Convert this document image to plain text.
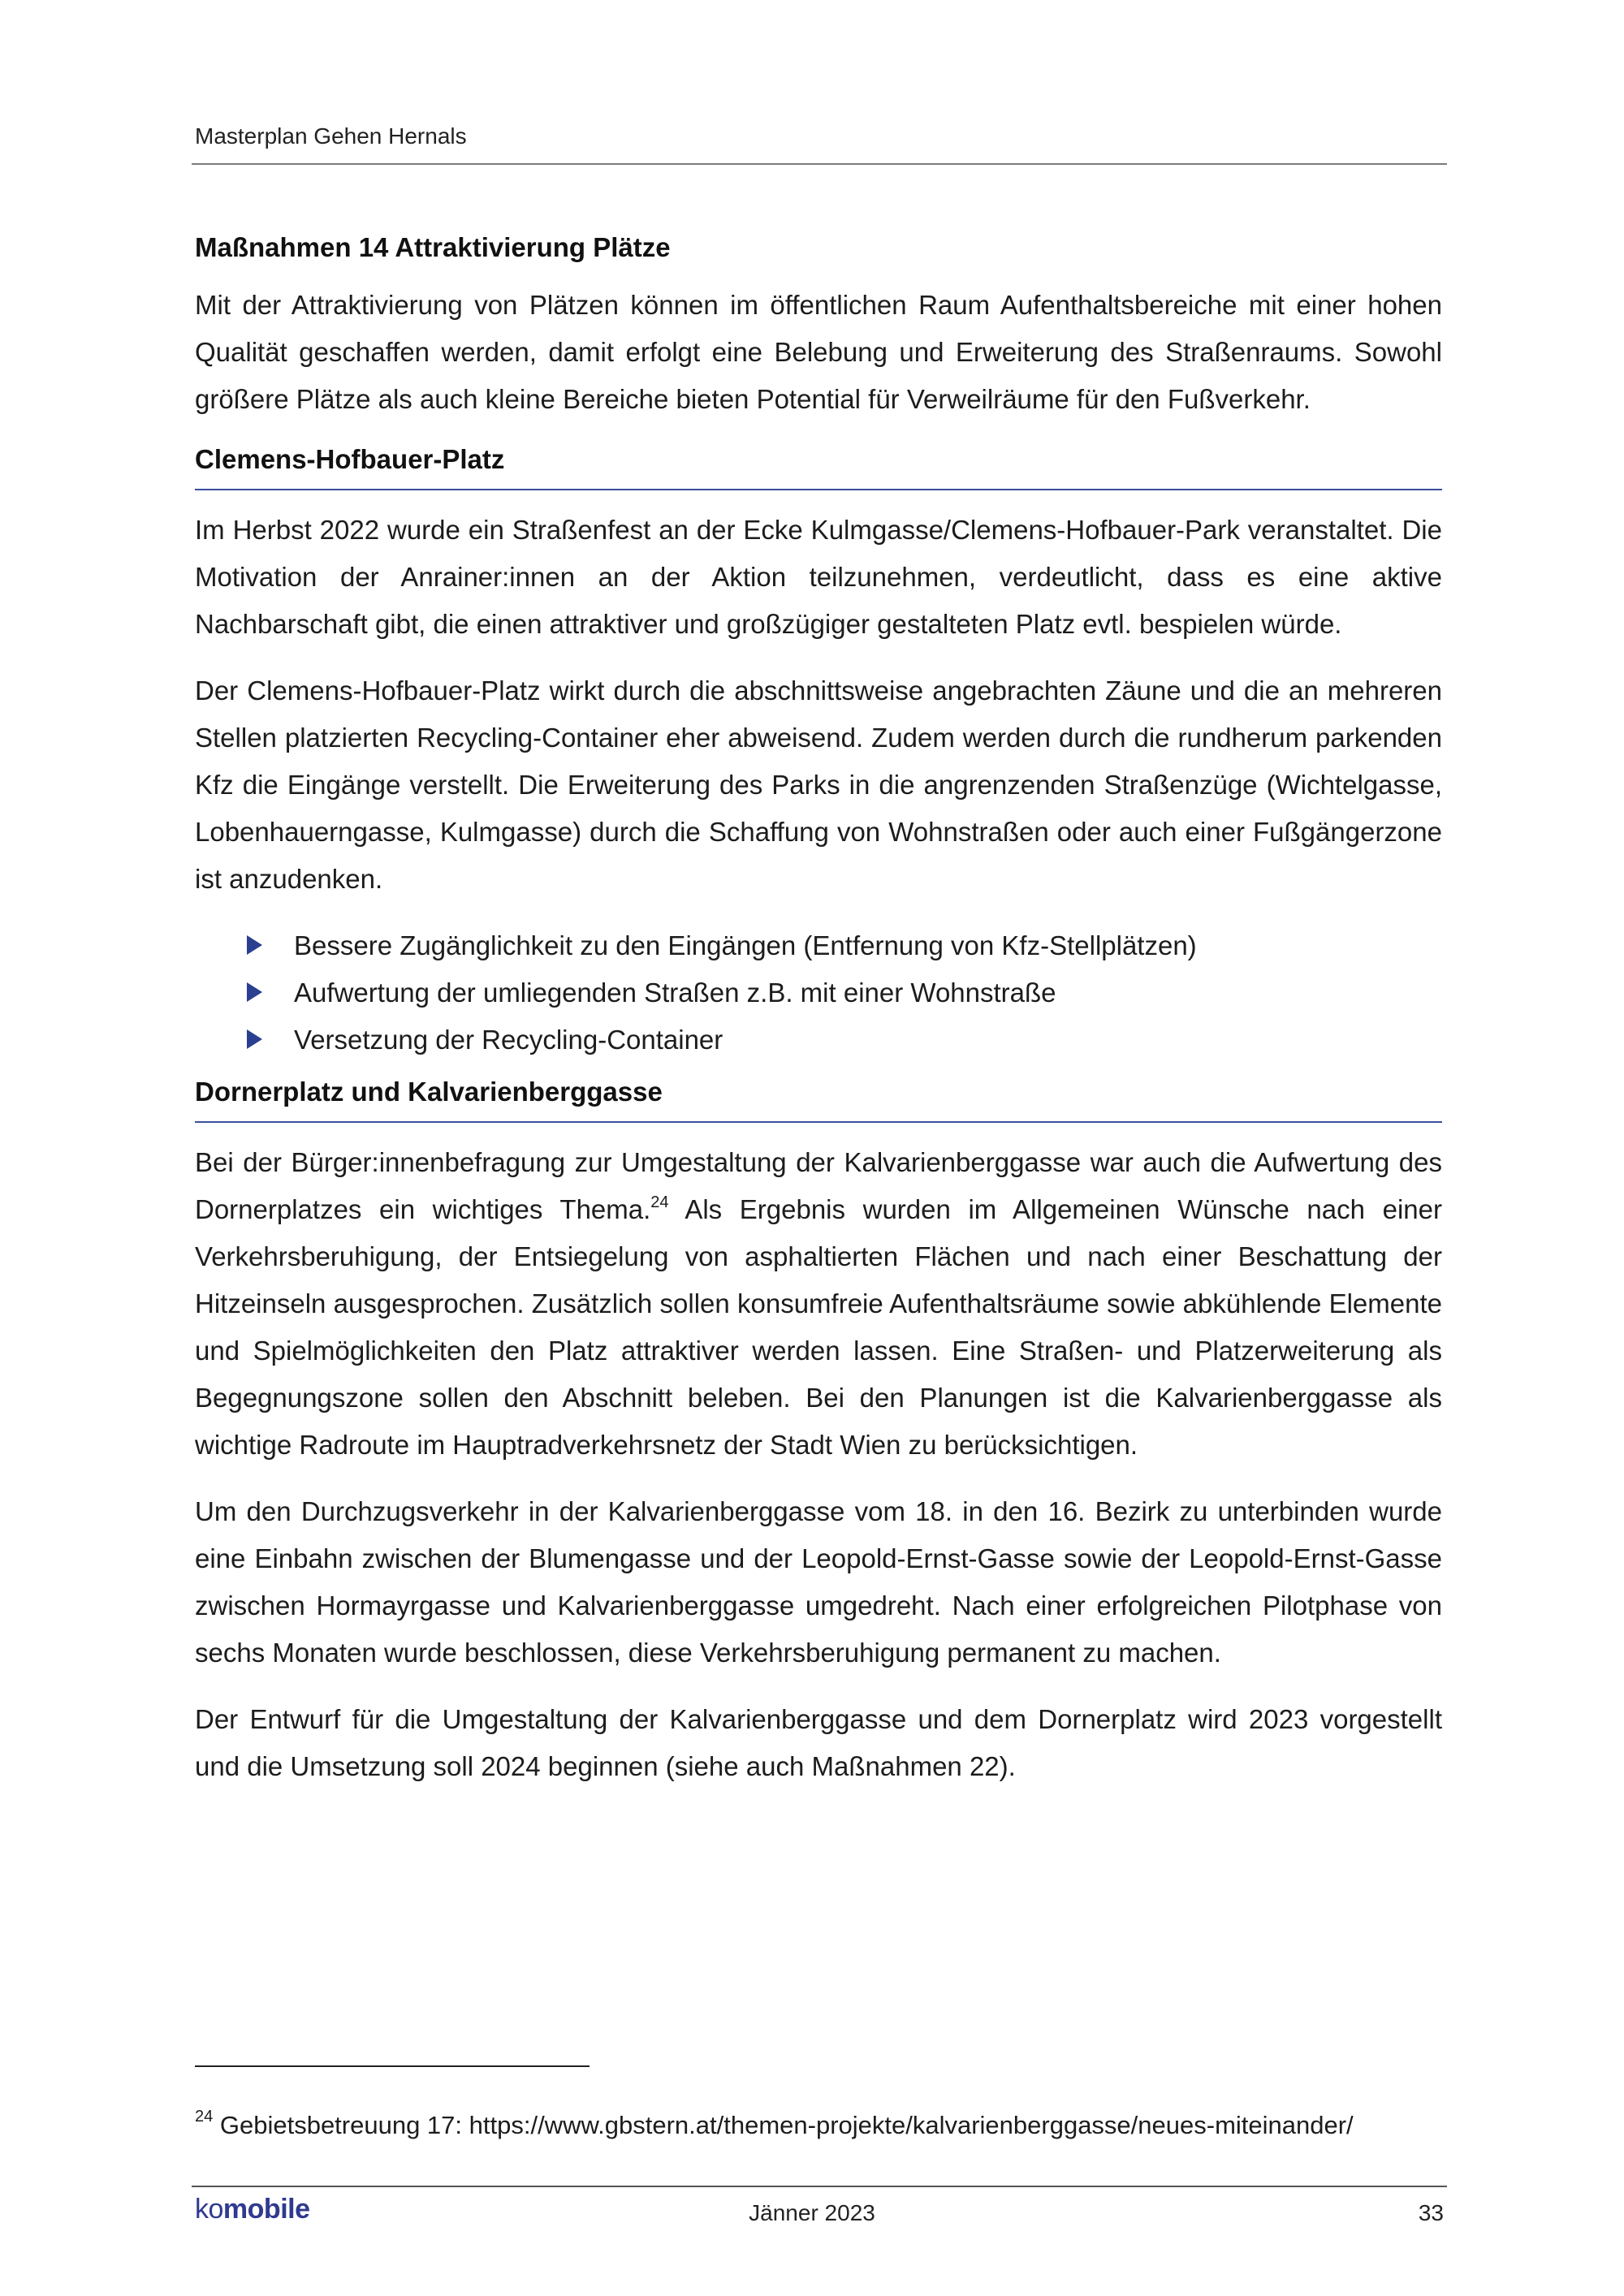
Masterplan Gehen Hernals
Maßnahmen 14 Attraktivierung Plätze

Mit der Attraktivierung von Plätzen können im öffentlichen Raum Aufenthaltsbereiche mit einer hohen Qualität geschaffen werden, damit erfolgt eine Belebung und Erweiterung des Straßenraums. Sowohl größere Plätze als auch kleine Bereiche bieten Potential für Verweilräume für den Fußverkehr.

Clemens-Hofbauer-Platz

Im Herbst 2022 wurde ein Straßenfest an der Ecke Kulmgasse/Clemens-Hofbauer-Park veranstaltet. Die Motivation der Anrainer:innen an der Aktion teilzunehmen, verdeutlicht, dass es eine aktive Nachbarschaft gibt, die einen attraktiver und großzügiger gestalteten Platz evtl. bespielen würde.

Der Clemens-Hofbauer-Platz wirkt durch die abschnittsweise angebrachten Zäune und die an mehreren Stellen platzierten Recycling-Container eher abweisend. Zudem werden durch die rundherum parkenden Kfz die Eingänge verstellt. Die Erweiterung des Parks in die angrenzenden Straßenzüge (Wichtelgasse, Lobenhauerngasse, Kulmgasse) durch die Schaffung von Wohnstraßen oder auch einer Fußgängerzone ist anzudenken.

Bessere Zugänglichkeit zu den Eingängen (Entfernung von Kfz-Stellplätzen)
Aufwertung der umliegenden Straßen z.B. mit einer Wohnstraße
Versetzung der Recycling-Container
Dornerplatz und Kalvarienberggasse

Bei der Bürger:innenbefragung zur Umgestaltung der Kalvarienberggasse war auch die Aufwertung des Dornerplatzes ein wichtiges Thema.$^{24}$ Als Ergebnis wurden im Allgemeinen Wünsche nach einer Verkehrsberuhigung, der Entsiegelung von asphaltierten Flächen und nach einer Beschattung der Hitzeinseln ausgesprochen. Zusätzlich sollen konsumfreie Aufenthaltsräume sowie abkühlende Elemente und Spielmöglichkeiten den Platz attraktiver werden lassen. Eine Straßen- und Platzerweiterung als Begegnungszone sollen den Abschnitt beleben. Bei den Planungen ist die Kalvarienberggasse als wichtige Radroute im Hauptradverkehrsnetz der Stadt Wien zu berücksichtigen.

Um den Durchzugsverkehr in der Kalvarienberggasse vom 18. in den 16. Bezirk zu unterbinden wurde eine Einbahn zwischen der Blumengasse und der Leopold-Ernst-Gasse sowie der Leopold-Ernst-Gasse zwischen Hormayrgasse und Kalvarienberggasse umgedreht. Nach einer erfolgreichen Pilotphase von sechs Monaten wurde beschlossen, diese Verkehrsberuhigung permanent zu machen.

Der Entwurf für die Umgestaltung der Kalvarienberggasse und dem Dornerplatz wird 2023 vorgestellt und die Umsetzung soll 2024 beginnen (siehe auch Maßnahmen 22).

$^{24}$ Gebietsbetreuung 17: https://www.gbstern.at/themen-projekte/kalvarienberggasse/neues-miteinander/
komobile	Jänner 2023	33
